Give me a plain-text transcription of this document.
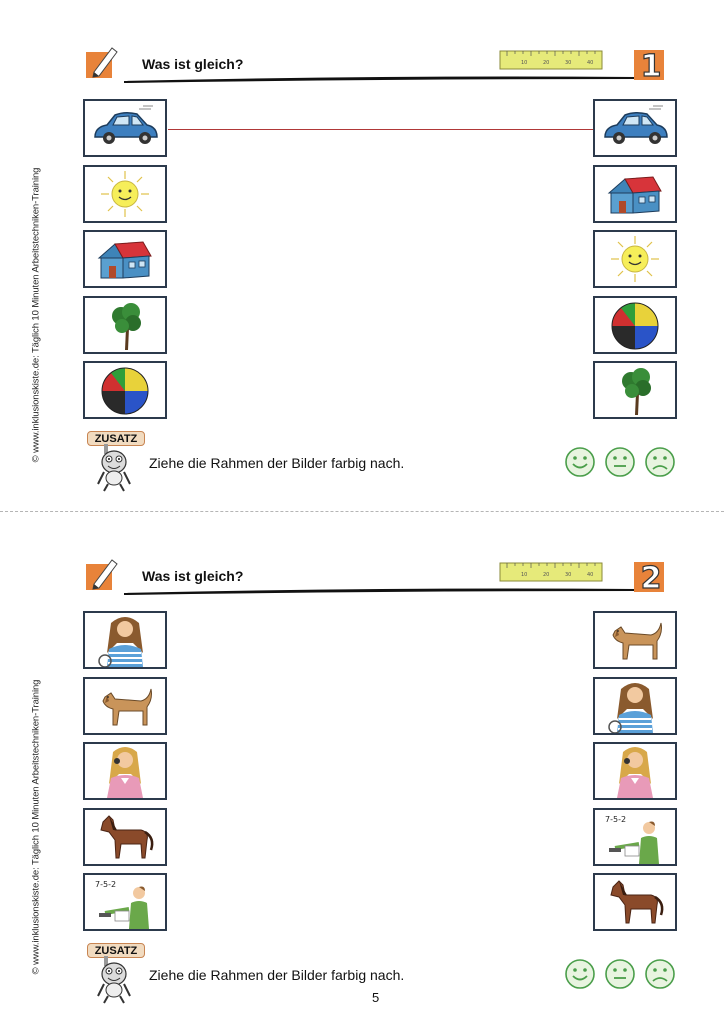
© www.inklusionskiste.de: Täglich 10 Minuten Arbeitstechniken-Training
Was ist gleich?	10	20	30	40 1
ZUSATZ
Ziehe die Rahmen der Bilder farbig nach.
© www.inklusionskiste.de: Täglich 10 Minuten Arbeitstechniken-Training
Was ist gleich?	10	20	30	40 2
ZUSATZ
Ziehe die Rahmen der Bilder farbig nach.
5
